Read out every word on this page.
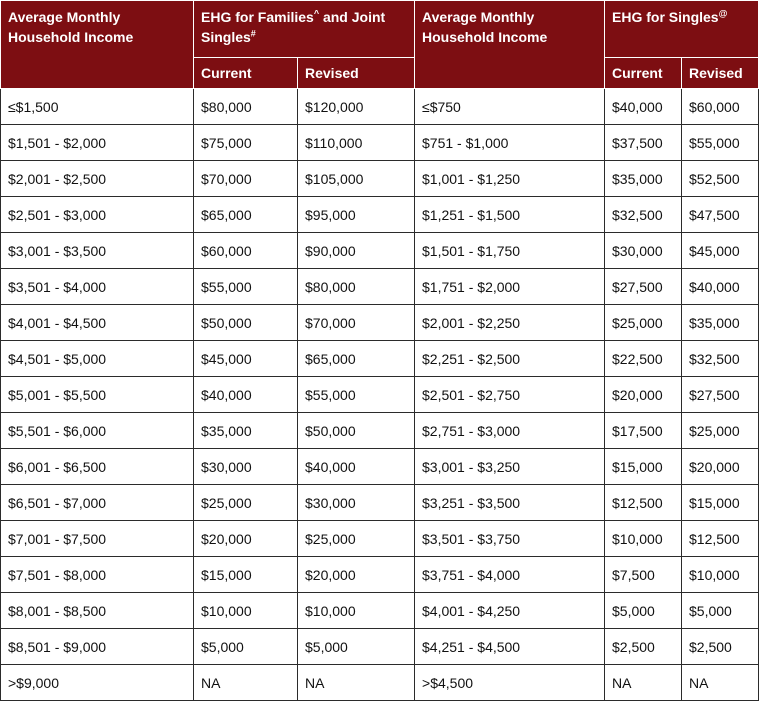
Average Monthly Household Income	EHG for Families^ and Joint Singles#		Average Monthly Household Income	EHG for Singles@
	Current	Revised		Current	Revised
≤$1,500	$80,000	$120,000	≤$750	$40,000	$60,000
$1,501 - $2,000	$75,000	$110,000	$751 - $1,000	$37,500	$55,000
$2,001 - $2,500	$70,000	$105,000	$1,001 - $1,250	$35,000	$52,500
$2,501 - $3,000	$65,000	$95,000	$1,251 - $1,500	$32,500	$47,500
$3,001 - $3,500	$60,000	$90,000	$1,501 - $1,750	$30,000	$45,000
$3,501 - $4,000	$55,000	$80,000	$1,751 - $2,000	$27,500	$40,000
$4,001 - $4,500	$50,000	$70,000	$2,001 - $2,250	$25,000	$35,000
$4,501 - $5,000	$45,000	$65,000	$2,251 - $2,500	$22,500	$32,500
$5,001 - $5,500	$40,000	$55,000	$2,501 - $2,750	$20,000	$27,500
$5,501 - $6,000	$35,000	$50,000	$2,751 - $3,000	$17,500	$25,000
$6,001 - $6,500	$30,000	$40,000	$3,001 - $3,250	$15,000	$20,000
$6,501 - $7,000	$25,000	$30,000	$3,251 - $3,500	$12,500	$15,000
$7,001 - $7,500	$20,000	$25,000	$3,501 - $3,750	$10,000	$12,500
$7,501 - $8,000	$15,000	$20,000	$3,751 - $4,000	$7,500	$10,000
$8,001 - $8,500	$10,000	$10,000	$4,001 - $4,250	$5,000	$5,000
$8,501 - $9,000	$5,000	$5,000	$4,251 - $4,500	$2,500	$2,500
>$9,000	NA	NA	>$4,500	NA	NA
